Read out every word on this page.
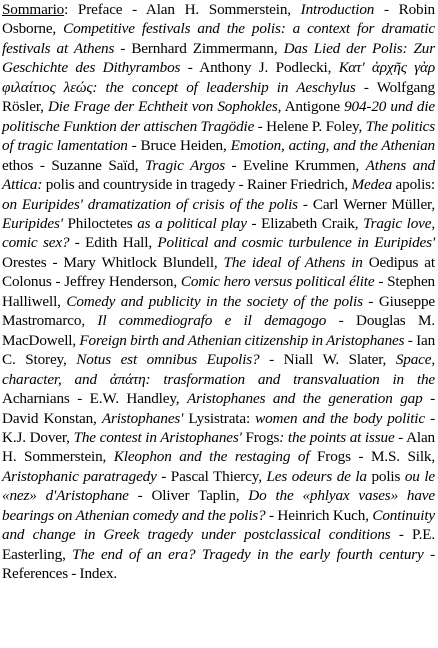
Sommario: Preface - Alan H. Sommerstein, Introduction - Robin Osborne, Competitive festivals and the polis: a context for dramatic festivals at Athens - Bernhard Zimmermann, Das Lied der Polis: Zur Geschichte des Dithyrambos - Anthony J. Podlecki, Κατ' ἀρχῆς γὰρ φιλαίτιος λεώς: the concept of leadership in Aeschylus - Wolfgang Rösler, Die Frage der Echtheit von Sophokles, Antigone 904-20 und die politische Funktion der attischen Tragödie - Helene P. Foley, The politics of tragic lamentation - Bruce Heiden, Emotion, acting, and the Athenian ethos - Suzanne Saïd, Tragic Argos - Eveline Krummen, Athens and Attica: polis and countryside in tragedy - Rainer Friedrich, Medea apolis: on Euripides' dramatization of crisis of the polis - Carl Werner Müller, Euripides' Philoctetes as a political play - Elizabeth Craik, Tragic love, comic sex? - Edith Hall, Political and cosmic turbulence in Euripides' Orestes - Mary Whitlock Blundell, The ideal of Athens in Oedipus at Colonus - Jeffrey Henderson, Comic hero versus political élite - Stephen Halliwell, Comedy and publicity in the society of the polis - Giuseppe Mastromarco, Il commediografo e il demagogo - Douglas M. MacDowell, Foreign birth and Athenian citizenship in Aristophanes - Ian C. Storey, Notus est omnibus Eupolis? - Niall W. Slater, Space, character, and ἀπάτη: trasformation and transvaluation in the Acharnians - E.W. Handley, Aristophanes and the generation gap - David Konstan, Aristophanes' Lysistrata: women and the body politic - K.J. Dover, The contest in Aristophanes' Frogs: the points at issue - Alan H. Sommerstein, Kleophon and the restaging of Frogs - M.S. Silk, Aristophanic paratragedy - Pascal Thiercy, Les odeurs de la polis ou le «nez» d'Aristophane - Oliver Taplin, Do the «phlyax vases» have bearings on Athenian comedy and the polis? - Heinrich Kuch, Continuity and change in Greek tragedy under postclassical conditions - P.E. Easterling, The end of an era? Tragedy in the early fourth century - References - Index.
